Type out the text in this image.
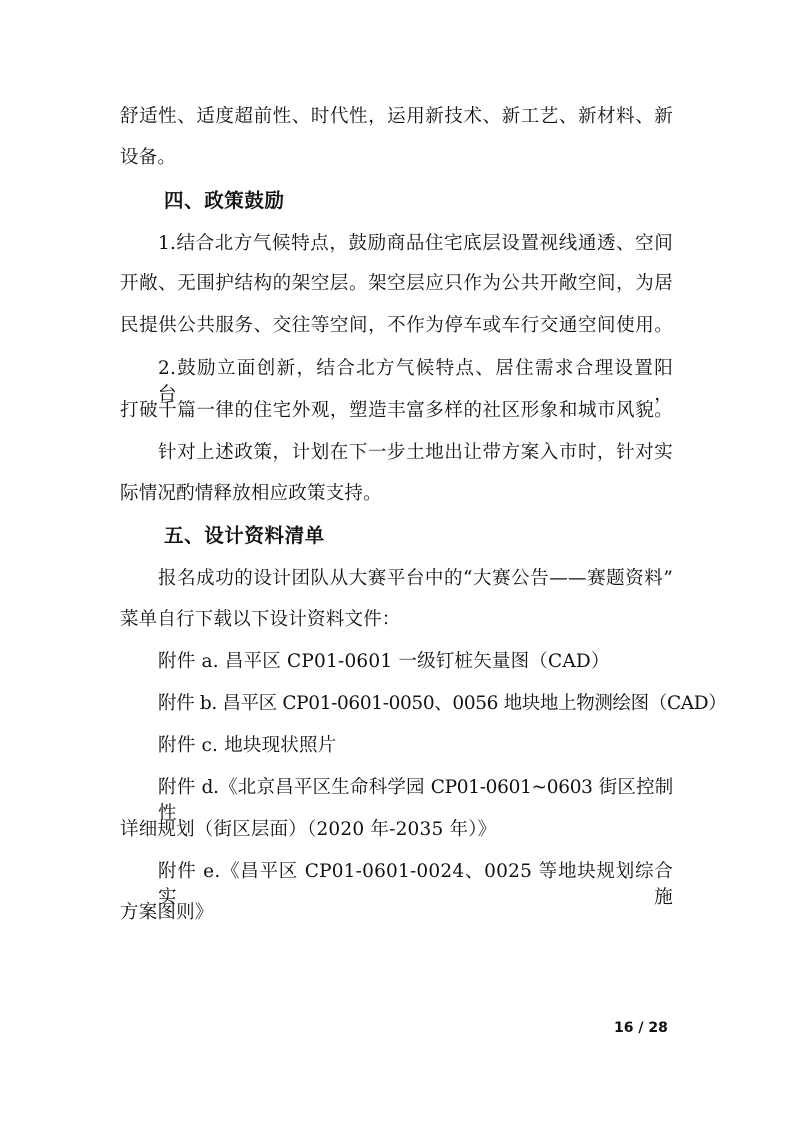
舒适性、适度超前性、时代性，运用新技术、新工艺、新材料、新
设备。
四、政策鼓励
1.结合北方气候特点，鼓励商品住宅底层设置视线通透、空间
开敞、无围护结构的架空层。架空层应只作为公共开敞空间，为居
民提供公共服务、交往等空间，不作为停车或车行交通空间使用。
2.鼓励立面创新，结合北方气候特点、居住需求合理设置阳台，
打破千篇一律的住宅外观，塑造丰富多样的社区形象和城市风貌。
针对上述政策，计划在下一步土地出让带方案入市时，针对实
际情况酌情释放相应政策支持。
五、设计资料清单
报名成功的设计团队从大赛平台中的“大赛公告——赛题资料”
菜单自行下载以下设计资料文件：
附件 a. 昌平区 CP01-0601 一级钉桩矢量图（CAD）
附件 b. 昌平区 CP01-0601-0050、0056 地块地上物测绘图（CAD）
附件 c. 地块现状照片
附件 d.《北京昌平区生命科学园 CP01-0601~0603 街区控制性
详细规划（街区层面）（2020 年-2035 年）》
附件 e.《昌平区 CP01-0601-0024、0025 等地块规划综合实施
方案图则》
16 / 28
